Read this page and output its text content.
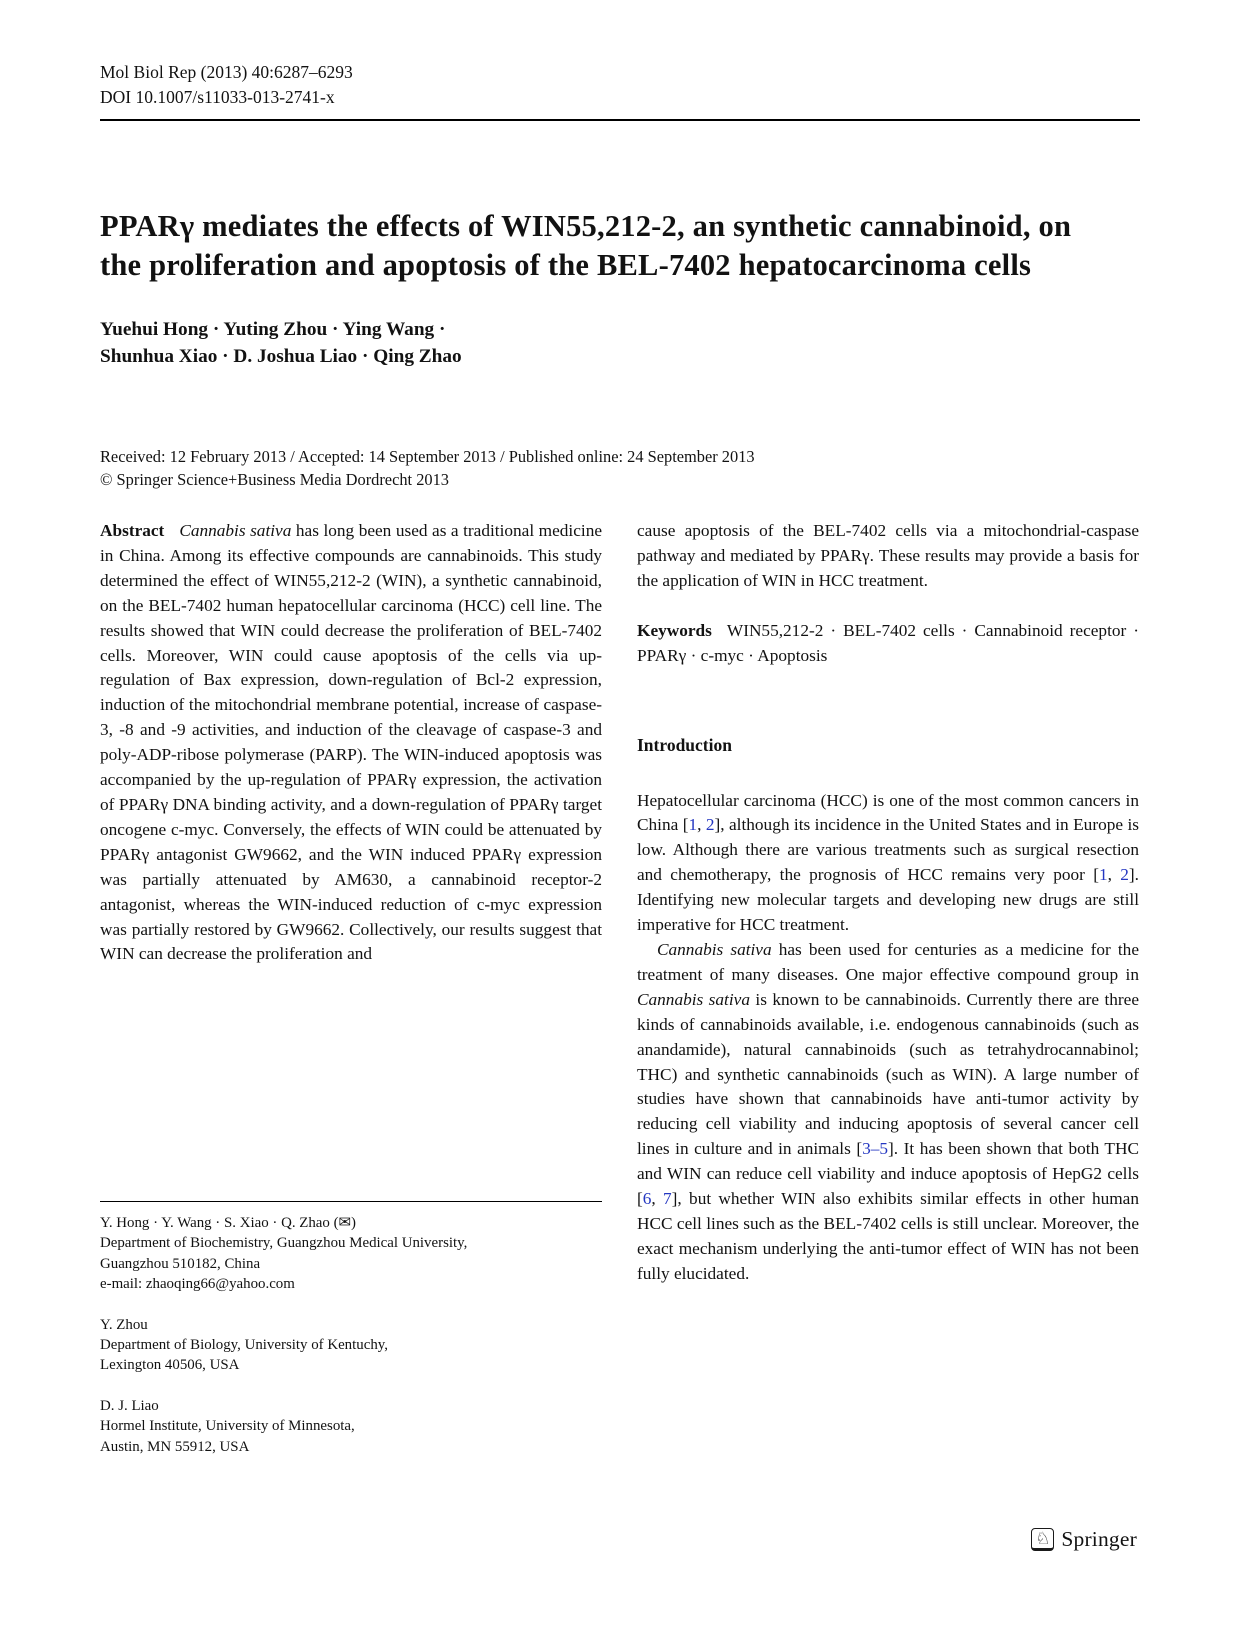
Mol Biol Rep (2013) 40:6287–6293
DOI 10.1007/s11033-013-2741-x
PPARγ mediates the effects of WIN55,212-2, an synthetic cannabinoid, on the proliferation and apoptosis of the BEL-7402 hepatocarcinoma cells
Yuehui Hong · Yuting Zhou · Ying Wang ·
Shunhua Xiao · D. Joshua Liao · Qing Zhao
Received: 12 February 2013 / Accepted: 14 September 2013 / Published online: 24 September 2013
© Springer Science+Business Media Dordrecht 2013

Abstract Cannabis sativa has long been used as a traditional medicine in China. Among its effective compounds are cannabinoids. This study determined the effect of WIN55,212-2 (WIN), a synthetic cannabinoid, on the BEL-7402 human hepatocellular carcinoma (HCC) cell line. The results showed that WIN could decrease the proliferation of BEL-7402 cells. Moreover, WIN could cause apoptosis of the cells via up-regulation of Bax expression, down-regulation of Bcl-2 expression, induction of the mitochondrial membrane potential, increase of caspase-3, -8 and -9 activities, and induction of the cleavage of caspase-3 and poly-ADP-ribose polymerase (PARP). The WIN-induced apoptosis was accompanied by the up-regulation of PPARγ expression, the activation of PPARγ DNA binding activity, and a down-regulation of PPARγ target oncogene c-myc. Conversely, the effects of WIN could be attenuated by PPARγ antagonist GW9662, and the WIN induced PPARγ expression was partially attenuated by AM630, a cannabinoid receptor-2 antagonist, whereas the WIN-induced reduction of c-myc expression was partially restored by GW9662. Collectively, our results suggest that WIN can decrease the proliferation and

Y. Hong · Y. Wang · S. Xiao · Q. Zhao (✉)
Department of Biochemistry, Guangzhou Medical University,
Guangzhou 510182, China
e-mail: zhaoqing66@yahoo.com
Y. Zhou
Department of Biology, University of Kentuchy,
Lexington 40506, USA
D. J. Liao
Hormel Institute, University of Minnesota,
Austin, MN 55912, USA

cause apoptosis of the BEL-7402 cells via a mitochondrial-caspase pathway and mediated by PPARγ. These results may provide a basis for the application of WIN in HCC treatment.

Keywords WIN55,212-2 · BEL-7402 cells · Cannabinoid receptor · PPARγ · c-myc · Apoptosis

Introduction

Hepatocellular carcinoma (HCC) is one of the most common cancers in China [1, 2], although its incidence in the United States and in Europe is low. Although there are various treatments such as surgical resection and chemotherapy, the prognosis of HCC remains very poor [1, 2]. Identifying new molecular targets and developing new drugs are still imperative for HCC treatment.

Cannabis sativa has been used for centuries as a medicine for the treatment of many diseases. One major effective compound group in Cannabis sativa is known to be cannabinoids. Currently there are three kinds of cannabinoids available, i.e. endogenous cannabinoids (such as anandamide), natural cannabinoids (such as tetrahydrocannabinol; THC) and synthetic cannabinoids (such as WIN). A large number of studies have shown that cannabinoids have anti-tumor activity by reducing cell viability and inducing apoptosis of several cancer cell lines in culture and in animals [3–5]. It has been shown that both THC and WIN can reduce cell viability and induce apoptosis of HepG2 cells [6, 7], but whether WIN also exhibits similar effects in other human HCC cell lines such as the BEL-7402 cells is still unclear. Moreover, the exact mechanism underlying the anti-tumor effect of WIN has not been fully elucidated.

♘ Springer
